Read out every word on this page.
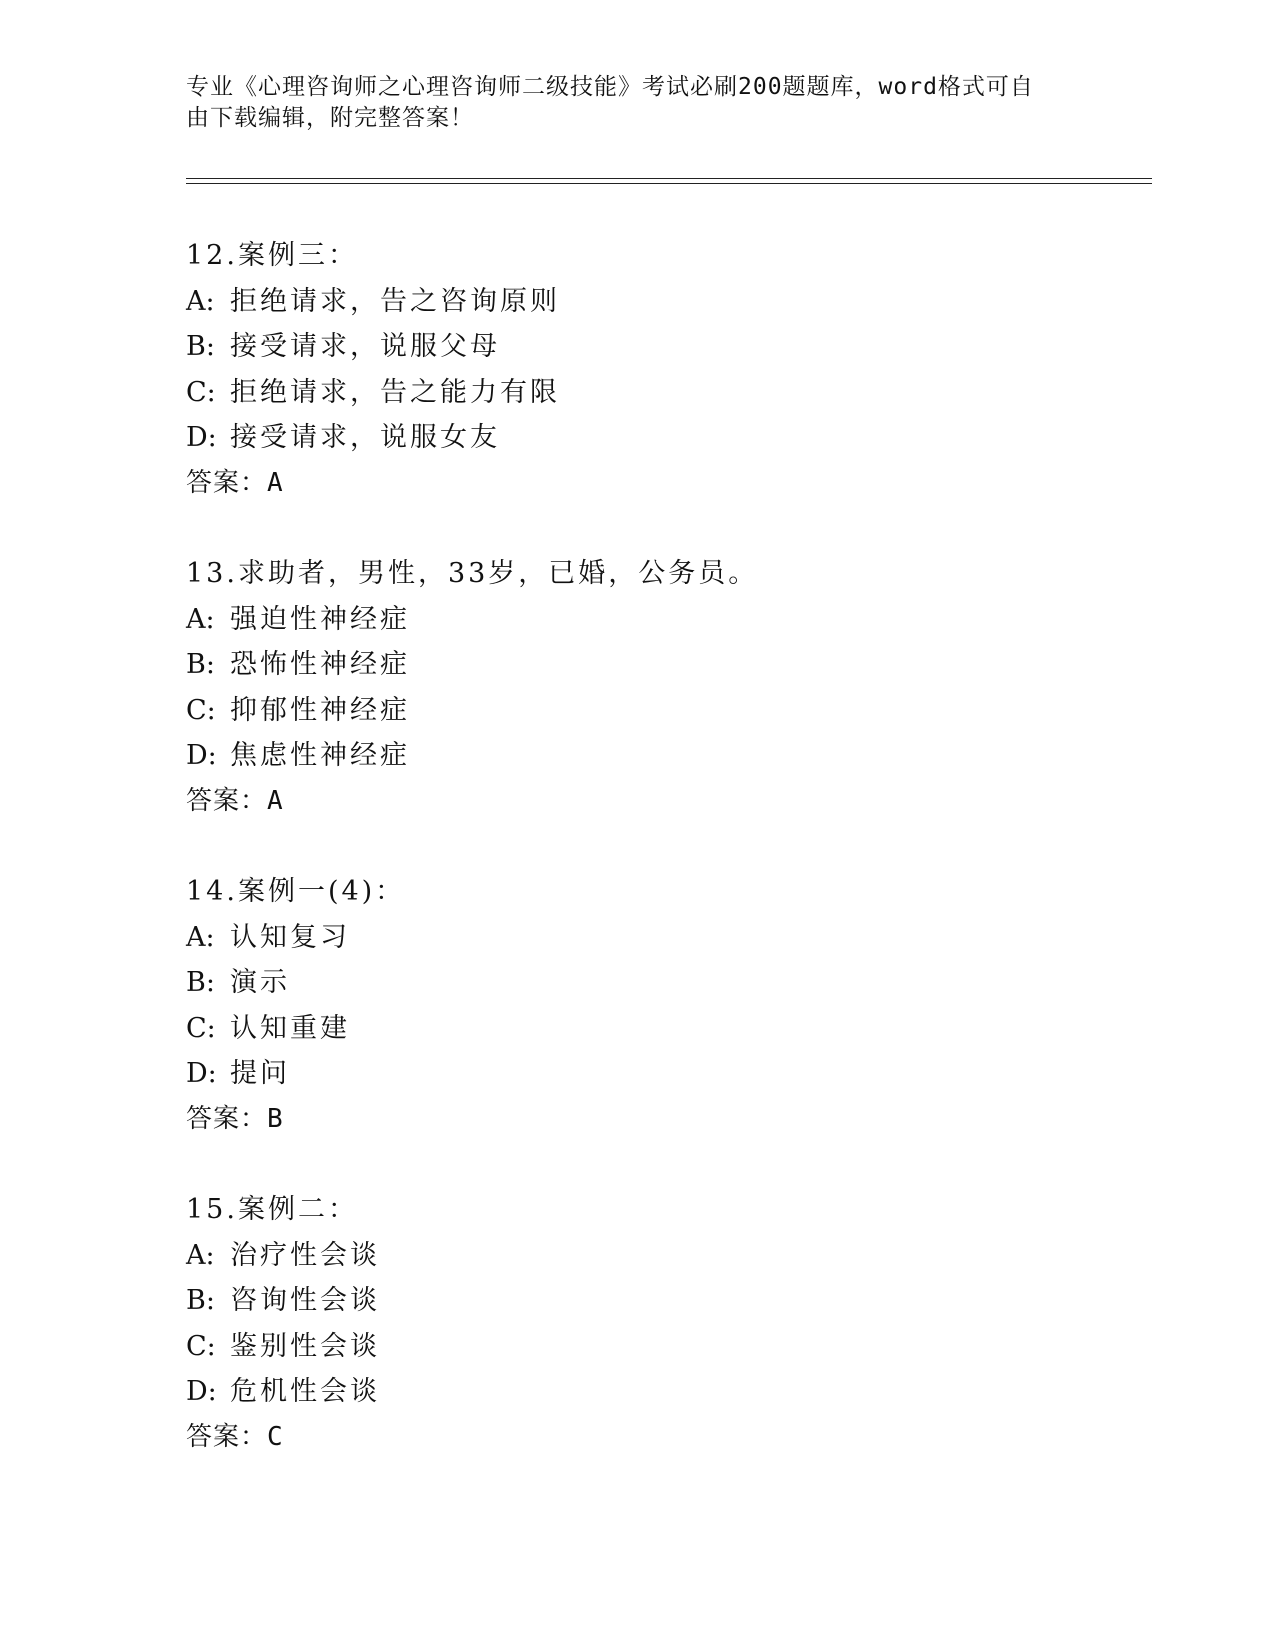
专业《心理咨询师之心理咨询师二级技能》考试必刷200题题库，word格式可自
由下载编辑，附完整答案！
12.案例三：
A: 拒绝请求，告之咨询原则
B: 接受请求，说服父母
C: 拒绝请求，告之能力有限
D: 接受请求，说服女友
答案：A
13.求助者，男性，33岁，已婚，公务员。
A: 强迫性神经症
B: 恐怖性神经症
C: 抑郁性神经症
D: 焦虑性神经症
答案：A
14.案例一(4)：
A: 认知复习
B: 演示
C: 认知重建
D: 提问
答案：B
15.案例二：
A: 治疗性会谈
B: 咨询性会谈
C: 鉴别性会谈
D: 危机性会谈
答案：C
